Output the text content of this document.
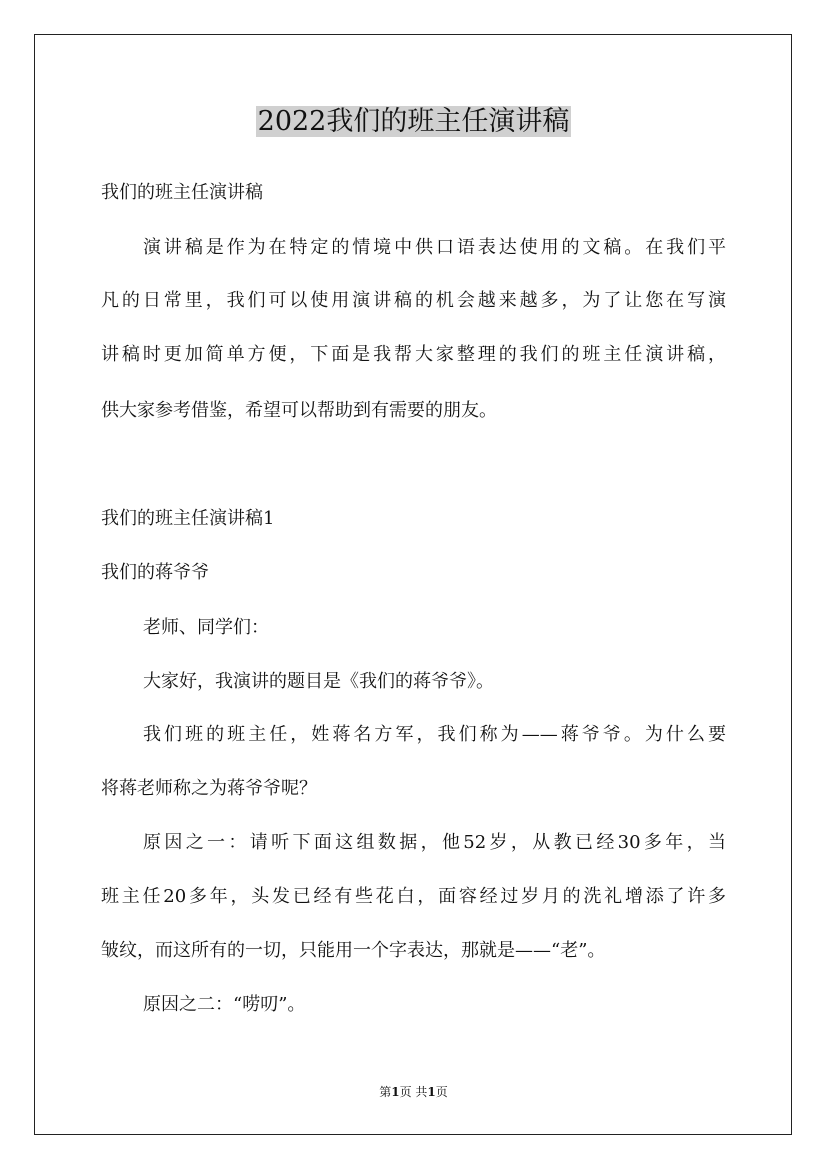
2022我们的班主任演讲稿

我们的班主任演讲稿

演讲稿是作为在特定的情境中供口语表达使用的文稿。在我们平

凡的日常里，我们可以使用演讲稿的机会越来越多，为了让您在写演

讲稿时更加简单方便，下面是我帮大家整理的我们的班主任演讲稿，

供大家参考借鉴，希望可以帮助到有需要的朋友。

我们的班主任演讲稿1

我们的蒋爷爷

老师、同学们：

大家好，我演讲的题目是《我们的蒋爷爷》。

我们班的班主任，姓蒋名方军，我们称为——蒋爷爷。为什么要

将蒋老师称之为蒋爷爷呢？

原因之一：请听下面这组数据，他52岁，从教已经30多年，当

班主任20多年，头发已经有些花白，面容经过岁月的洗礼增添了许多

皱纹，而这所有的一切，只能用一个字表达，那就是——“老”。

原因之二：“唠叨”。

第1页 共1页
